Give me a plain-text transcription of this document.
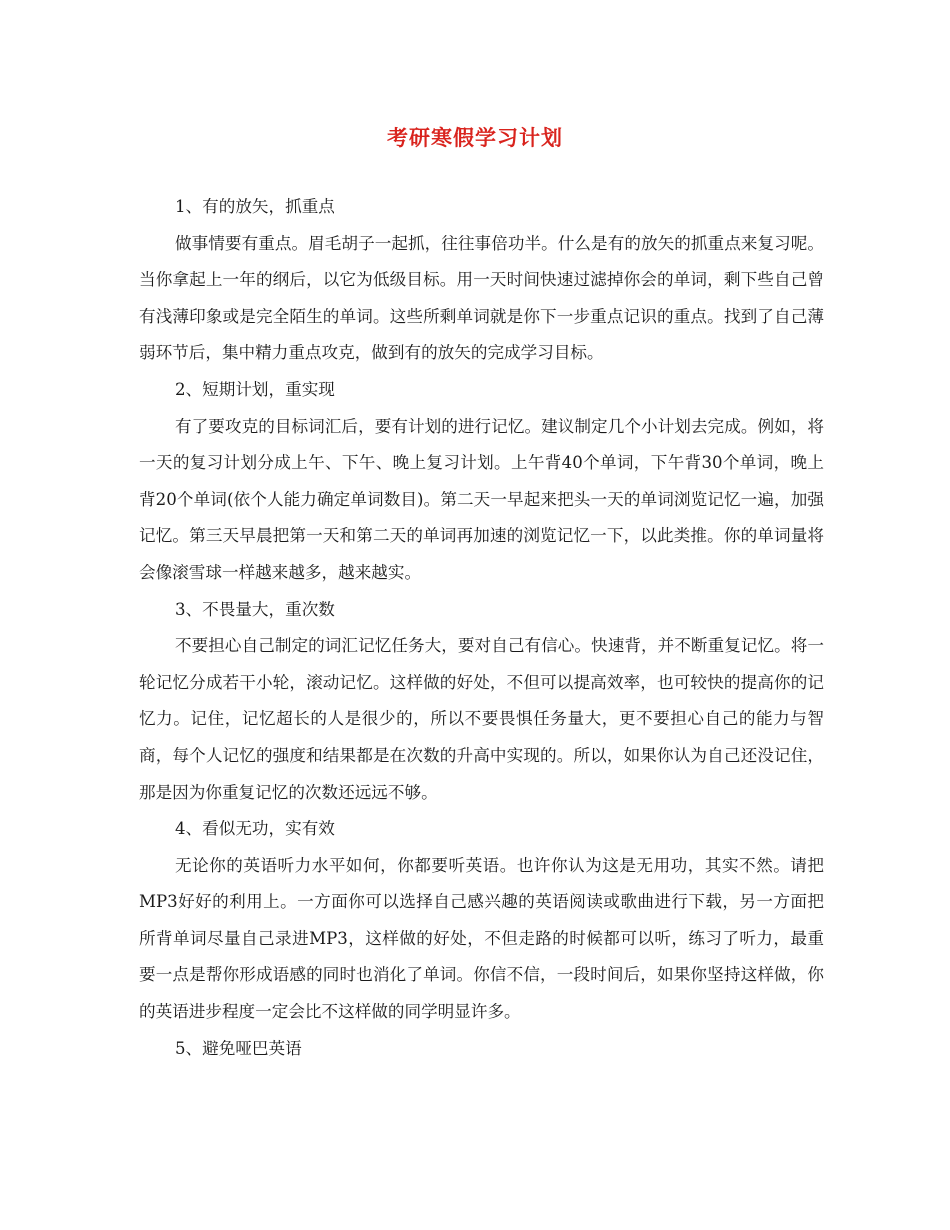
考研寒假学习计划

1、有的放矢，抓重点

做事情要有重点。眉毛胡子一起抓，往往事倍功半。什么是有的放矢的抓重点来复习呢。当你拿起上一年的纲后，以它为低级目标。用一天时间快速过滤掉你会的单词，剩下些自己曾有浅薄印象或是完全陌生的单词。这些所剩单词就是你下一步重点记识的重点。找到了自己薄弱环节后，集中精力重点攻克，做到有的放矢的完成学习目标。

2、短期计划，重实现

有了要攻克的目标词汇后，要有计划的进行记忆。建议制定几个小计划去完成。例如，将一天的复习计划分成上午、下午、晚上复习计划。上午背40个单词，下午背30个单词，晚上背20个单词(依个人能力确定单词数目)。第二天一早起来把头一天的单词浏览记忆一遍，加强记忆。第三天早晨把第一天和第二天的单词再加速的浏览记忆一下，以此类推。你的单词量将会像滚雪球一样越来越多，越来越实。

3、不畏量大，重次数

不要担心自己制定的词汇记忆任务大，要对自己有信心。快速背，并不断重复记忆。将一轮记忆分成若干小轮，滚动记忆。这样做的好处，不但可以提高效率，也可较快的提高你的记忆力。记住，记忆超长的人是很少的，所以不要畏惧任务量大，更不要担心自己的能力与智商，每个人记忆的强度和结果都是在次数的升高中实现的。所以，如果你认为自己还没记住，那是因为你重复记忆的次数还远远不够。

4、看似无功，实有效

无论你的英语听力水平如何，你都要听英语。也许你认为这是无用功，其实不然。请把MP3好好的利用上。一方面你可以选择自己感兴趣的英语阅读或歌曲进行下载，另一方面把所背单词尽量自己录进MP3，这样做的好处，不但走路的时候都可以听，练习了听力，最重要一点是帮你形成语感的同时也消化了单词。你信不信，一段时间后，如果你坚持这样做，你的英语进步程度一定会比不这样做的同学明显许多。

5、避免哑巴英语
